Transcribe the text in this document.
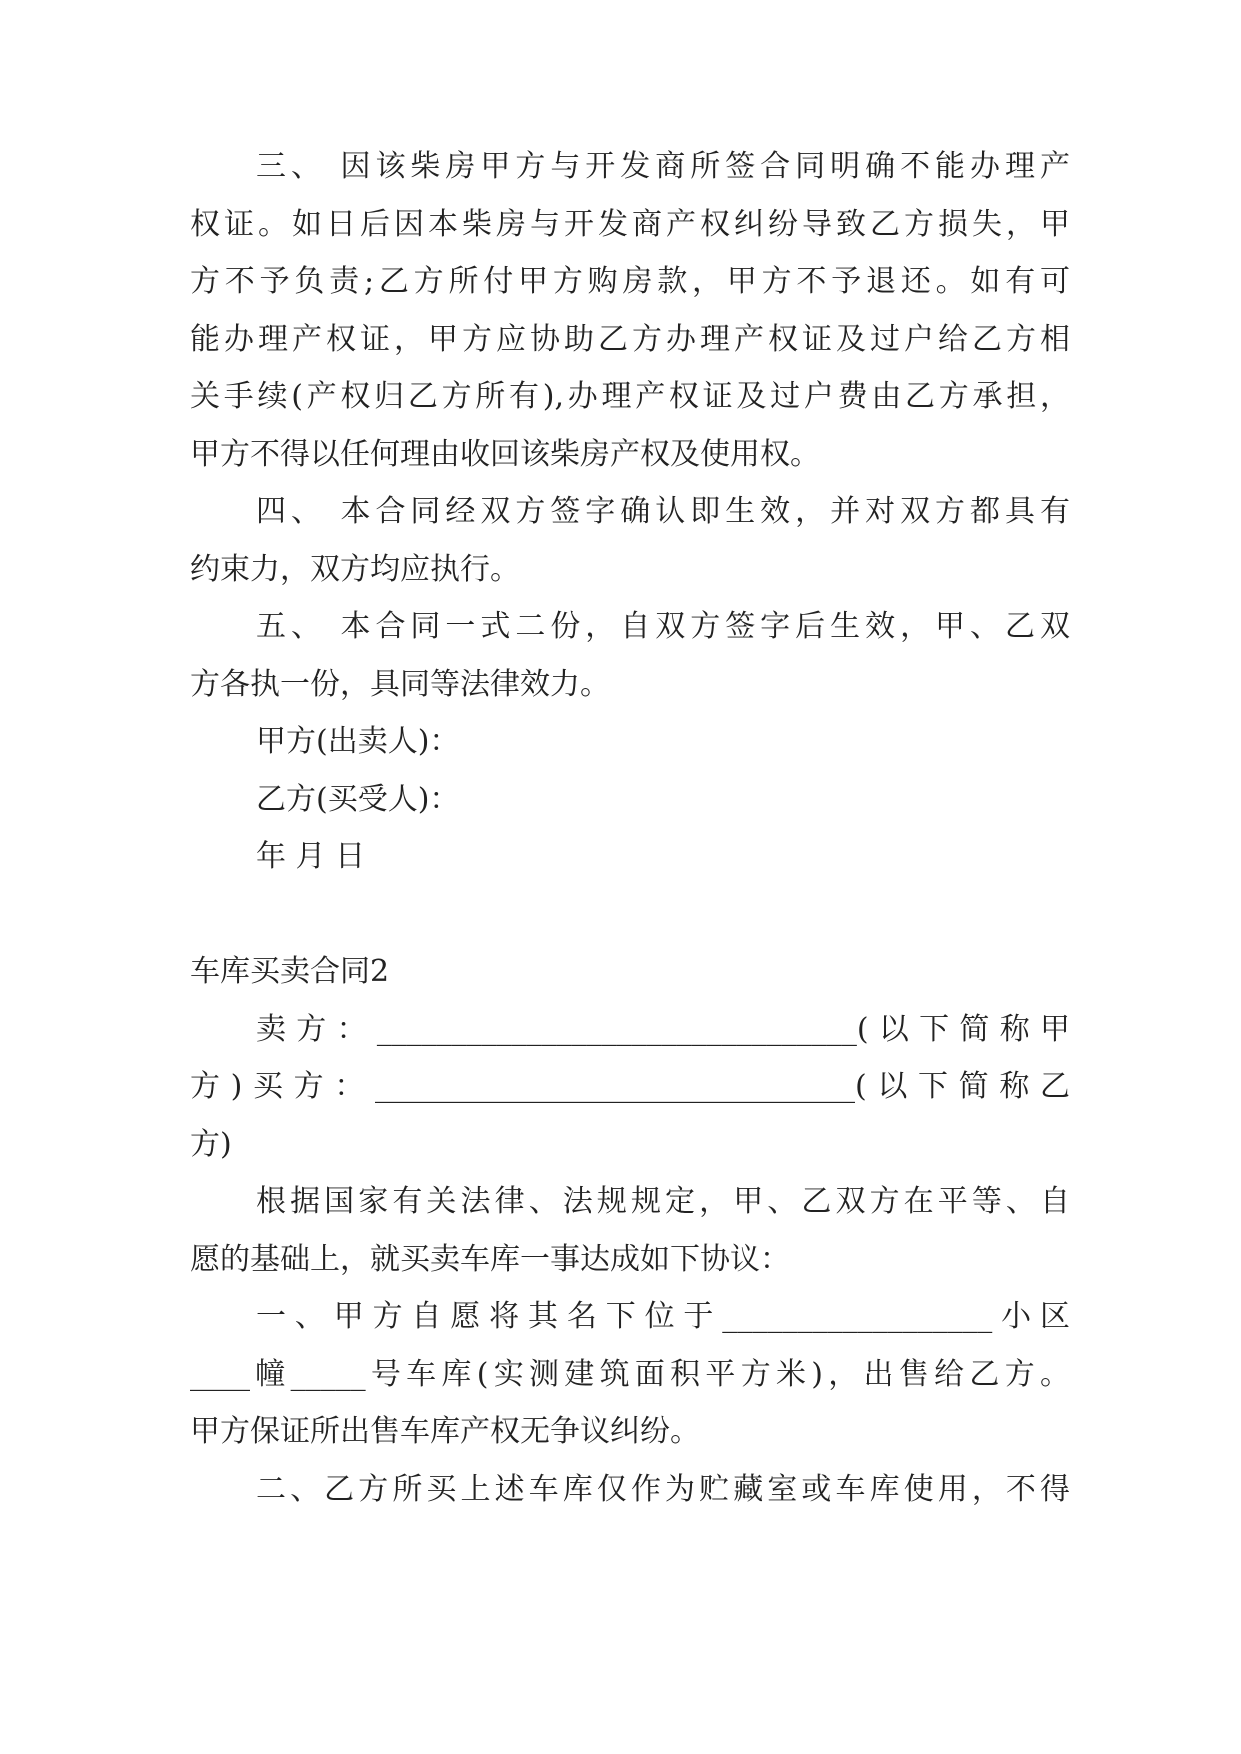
三、 因该柴房甲方与开发商所签合同明确不能办理产
权证。如日后因本柴房与开发商产权纠纷导致乙方损失，甲
方不予负责;乙方所付甲方购房款，甲方不予退还。如有可
能办理产权证，甲方应协助乙方办理产权证及过户给乙方相
关手续(产权归乙方所有),办理产权证及过户费由乙方承担，
甲方不得以任何理由收回该柴房产权及使用权。
四、 本合同经双方签字确认即生效，并对双方都具有
约束力，双方均应执行。
五、 本合同一式二份，自双方签字后生效，甲、乙双
方各执一份，具同等法律效力。
甲方(出卖人)：
乙方(买受人)：
年 月 日
车库买卖合同2
卖方：________________________________(以下简称甲
方)买方：________________________________(以下简称乙
方)
根据国家有关法律、法规规定，甲、乙双方在平等、自
愿的基础上，就买卖车库一事达成如下协议：
一、甲方自愿将其名下位于__________________小区
____幢_____号车库(实测建筑面积平方米)，出售给乙方。
甲方保证所出售车库产权无争议纠纷。
二、乙方所买上述车库仅作为贮藏室或车库使用，不得
